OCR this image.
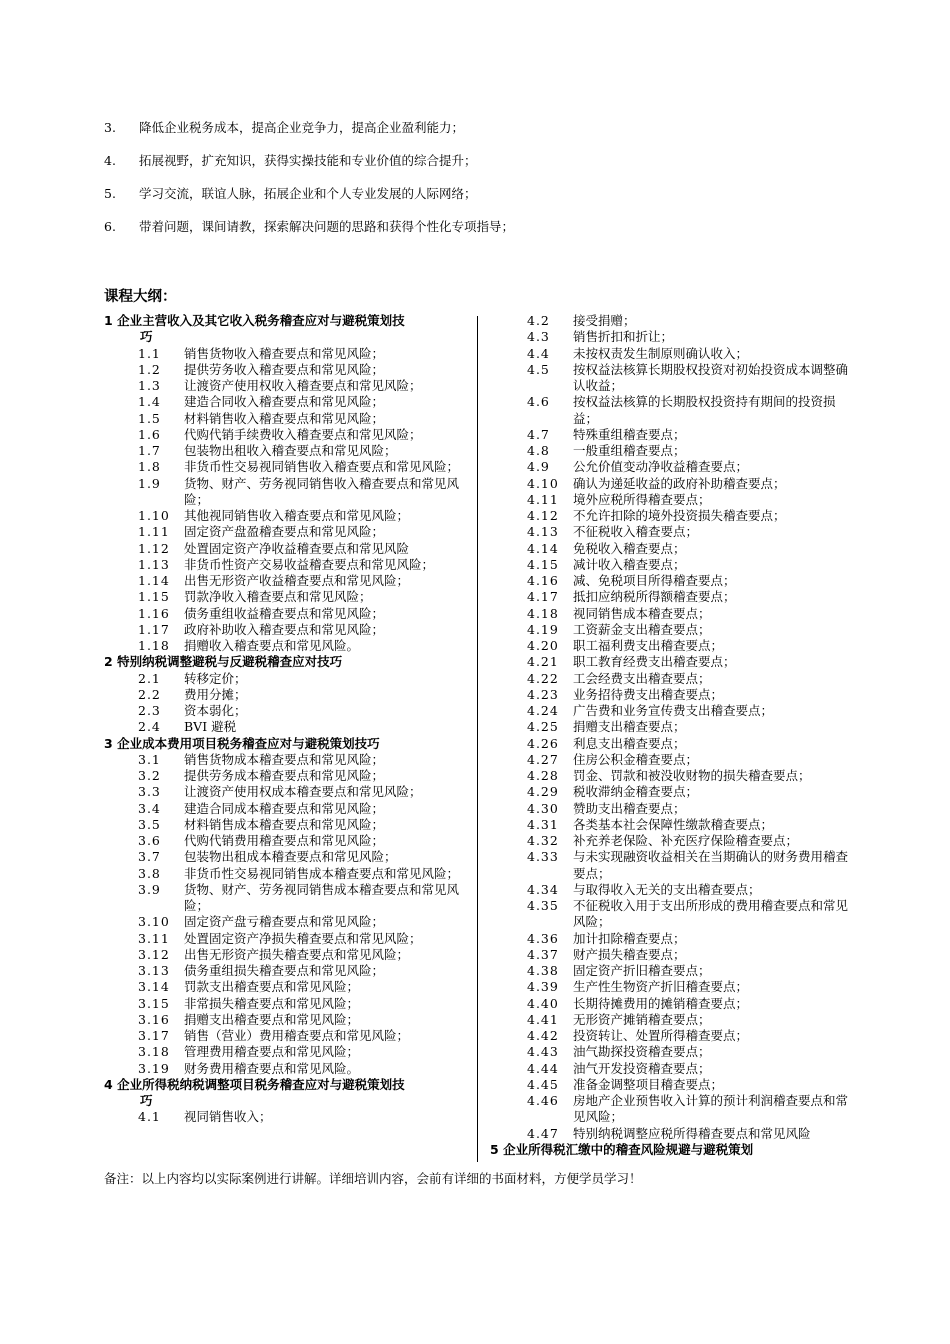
3. 降低企业税务成本，提高企业竞争力，提高企业盈利能力；
4. 拓展视野，扩充知识，获得实操技能和专业价值的综合提升；
5. 学习交流，联谊人脉，拓展企业和个人专业发展的人际网络；
6. 带着问题，课间请教，探索解决问题的思路和获得个性化专项指导；
课程大纲：
1 企业主营收入及其它收入税务稽查应对与避税策划技
巧
1.1	销售货物收入稽查要点和常见风险；
1.2	提供劳务收入稽查要点和常见风险；
1.3	让渡资产使用权收入稽查要点和常见风险；
1.4	建造合同收入稽查要点和常见风险；
1.5	材料销售收入稽查要点和常见风险；
1.6	代购代销手续费收入稽查要点和常见风险；
1.7	包装物出租收入稽查要点和常见风险；
1.8	非货币性交易视同销售收入稽查要点和常见风险；
1.9	货物、财产、劳务视同销售收入稽查要点和常见风险；
1.10	其他视同销售收入稽查要点和常见风险；
1.11	固定资产盘盈稽查要点和常见风险；
1.12	处置固定资产净收益稽查要点和常见风险
1.13	非货币性资产交易收益稽查要点和常见风险；
1.14	出售无形资产收益稽查要点和常见风险；
1.15	罚款净收入稽查要点和常见风险；
1.16	债务重组收益稽查要点和常见风险；
1.17	政府补助收入稽查要点和常见风险；
1.18	捐赠收入稽查要点和常见风险。
2 特别纳税调整避税与反避税稽查应对技巧
2.1	转移定价；
2.2	费用分摊；
2.3	资本弱化；
2.4	BVI 避税
3 企业成本费用项目税务稽查应对与避税策划技巧
3.1	销售货物成本稽查要点和常见风险；
3.2	提供劳务成本稽查要点和常见风险；
3.3	让渡资产使用权成本稽查要点和常见风险；
3.4	建造合同成本稽查要点和常见风险；
3.5	材料销售成本稽查要点和常见风险；
3.6	代购代销费用稽查要点和常见风险；
3.7	包装物出租成本稽查要点和常见风险；
3.8	非货币性交易视同销售成本稽查要点和常见风险；
3.9	货物、财产、劳务视同销售成本稽查要点和常见风险；
3.10	固定资产盘亏稽查要点和常见风险；
3.11	处置固定资产净损失稽查要点和常见风险；
3.12	出售无形资产损失稽查要点和常见风险；
3.13	债务重组损失稽查要点和常见风险；
3.14	罚款支出稽查要点和常见风险；
3.15	非常损失稽查要点和常见风险；
3.16	捐赠支出稽查要点和常见风险；
3.17	销售（营业）费用稽查要点和常见风险；
3.18	管理费用稽查要点和常见风险；
3.19	财务费用稽查要点和常见风险。
4 企业所得税纳税调整项目税务稽查应对与避税策划技
巧
4.1	视同销售收入；
4.2	接受捐赠；
4.3	销售折扣和折让；
4.4	未按权责发生制原则确认收入；
4.5	按权益法核算长期股权投资对初始投资成本调整确认收益；
4.6	按权益法核算的长期股权投资持有期间的投资损益；
4.7	特殊重组稽查要点；
4.8	一般重组稽查要点；
4.9	公允价值变动净收益稽查要点；
4.10	确认为递延收益的政府补助稽查要点；
4.11	境外应税所得稽查要点；
4.12	不允许扣除的境外投资损失稽查要点；
4.13	不征税收入稽查要点；
4.14	免税收入稽查要点；
4.15	减计收入稽查要点；
4.16	减、免税项目所得稽查要点；
4.17	抵扣应纳税所得额稽查要点；
4.18	视同销售成本稽查要点；
4.19	工资薪金支出稽查要点；
4.20	职工福利费支出稽查要点；
4.21	职工教育经费支出稽查要点；
4.22	工会经费支出稽查要点；
4.23	业务招待费支出稽查要点；
4.24	广告费和业务宣传费支出稽查要点；
4.25	捐赠支出稽查要点；
4.26	利息支出稽查要点；
4.27	住房公积金稽查要点；
4.28	罚金、罚款和被没收财物的损失稽查要点；
4.29	税收滞纳金稽查要点；
4.30	赞助支出稽查要点；
4.31	各类基本社会保障性缴款稽查要点；
4.32	补充养老保险、补充医疗保险稽查要点；
4.33	与未实现融资收益相关在当期确认的财务费用稽查要点；
4.34	与取得收入无关的支出稽查要点；
4.35	不征税收入用于支出所形成的费用稽查要点和常见风险；
4.36	加计扣除稽查要点；
4.37	财产损失稽查要点；
4.38	固定资产折旧稽查要点；
4.39	生产性生物资产折旧稽查要点；
4.40	长期待摊费用的摊销稽查要点；
4.41	无形资产摊销稽查要点；
4.42	投资转让、处置所得稽查要点；
4.43	油气勘探投资稽查要点；
4.44	油气开发投资稽查要点；
4.45	准备金调整项目稽查要点；
4.46	房地产企业预售收入计算的预计利润稽查要点和常见风险；
4.47	特别纳税调整应税所得稽查要点和常见风险
5 企业所得税汇缴中的稽查风险规避与避税策划
备注：以上内容均以实际案例进行讲解。详细培训内容，会前有详细的书面材料，方便学员学习！
